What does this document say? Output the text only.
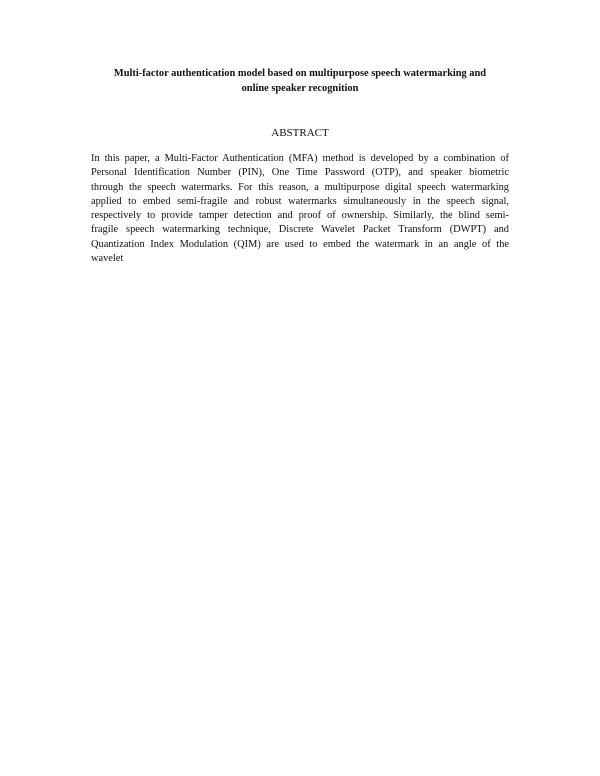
Multi-factor authentication model based on multipurpose speech watermarking and
online speaker recognition
ABSTRACT

In this paper, a Multi-Factor Authentication (MFA) method is developed by a combination of
Personal Identification Number (PIN), One Time Password (OTP), and speaker biometric
through the speech watermarks. For this reason, a multipurpose digital speech watermarking
applied to embed semi-fragile and robust watermarks simultaneously in the speech signal,
respectively to provide tamper detection and proof of ownership. Similarly, the blind semi-
fragile speech watermarking technique, Discrete Wavelet Packet Transform (DWPT) and
Quantization Index Modulation (QIM) are used to embed the watermark in an angle of the
wavelet
